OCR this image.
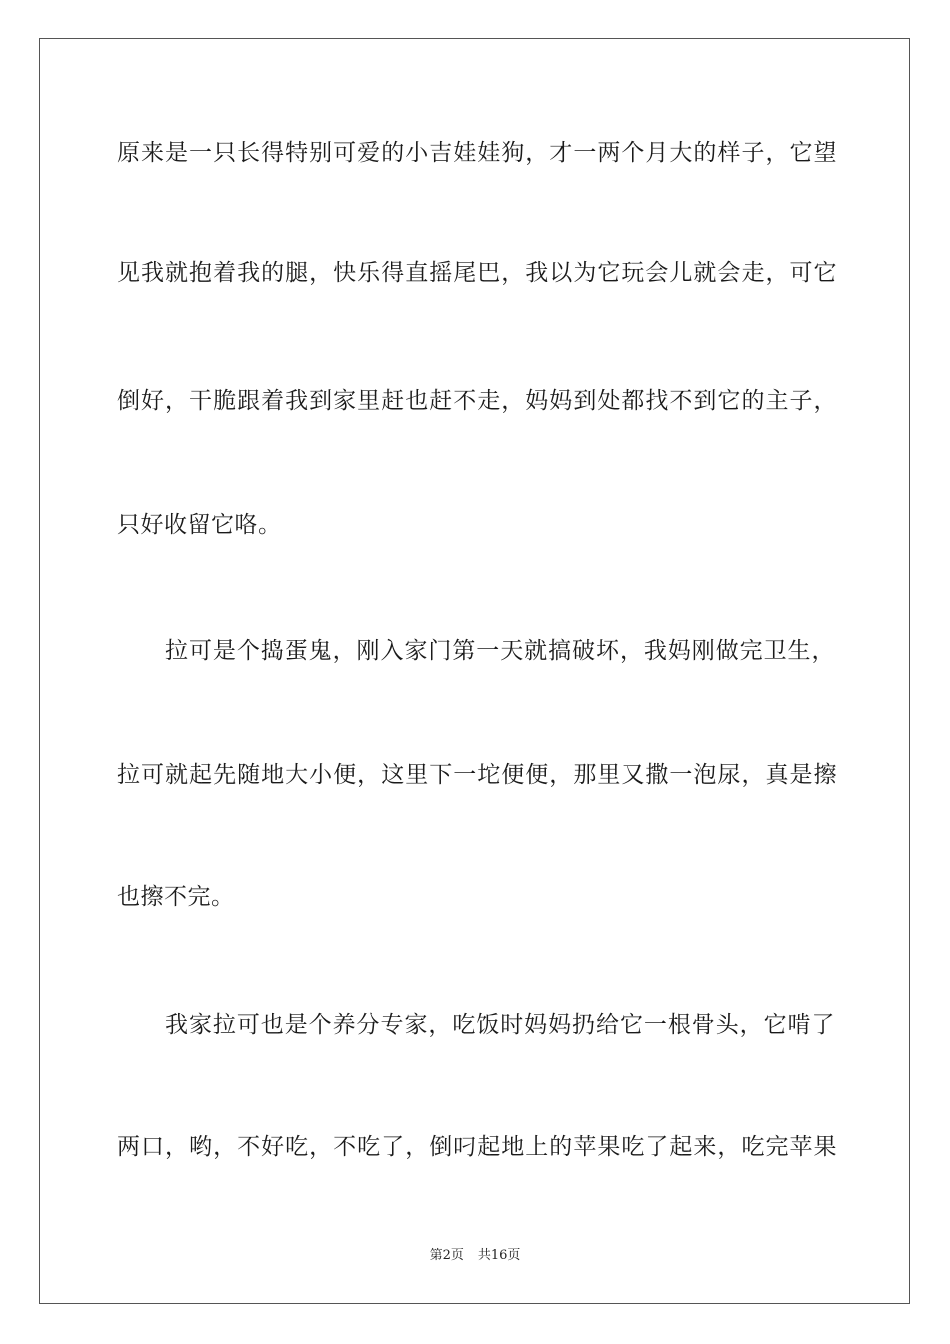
原来是一只长得特别可爱的小吉娃娃狗，才一两个月大的样子，它望
见我就抱着我的腿，快乐得直摇尾巴，我以为它玩会儿就会走，可它
倒好，干脆跟着我到家里赶也赶不走，妈妈到处都找不到它的主子，
只好收留它咯。
拉可是个捣蛋鬼，刚入家门第一天就搞破坏，我妈刚做完卫生，
拉可就起先随地大小便，这里下一坨便便，那里又撒一泡尿，真是擦
也擦不完。
我家拉可也是个养分专家，吃饭时妈妈扔给它一根骨头，它啃了
两口，哟，不好吃，不吃了，倒叼起地上的苹果吃了起来，吃完苹果
第2页 共16页
